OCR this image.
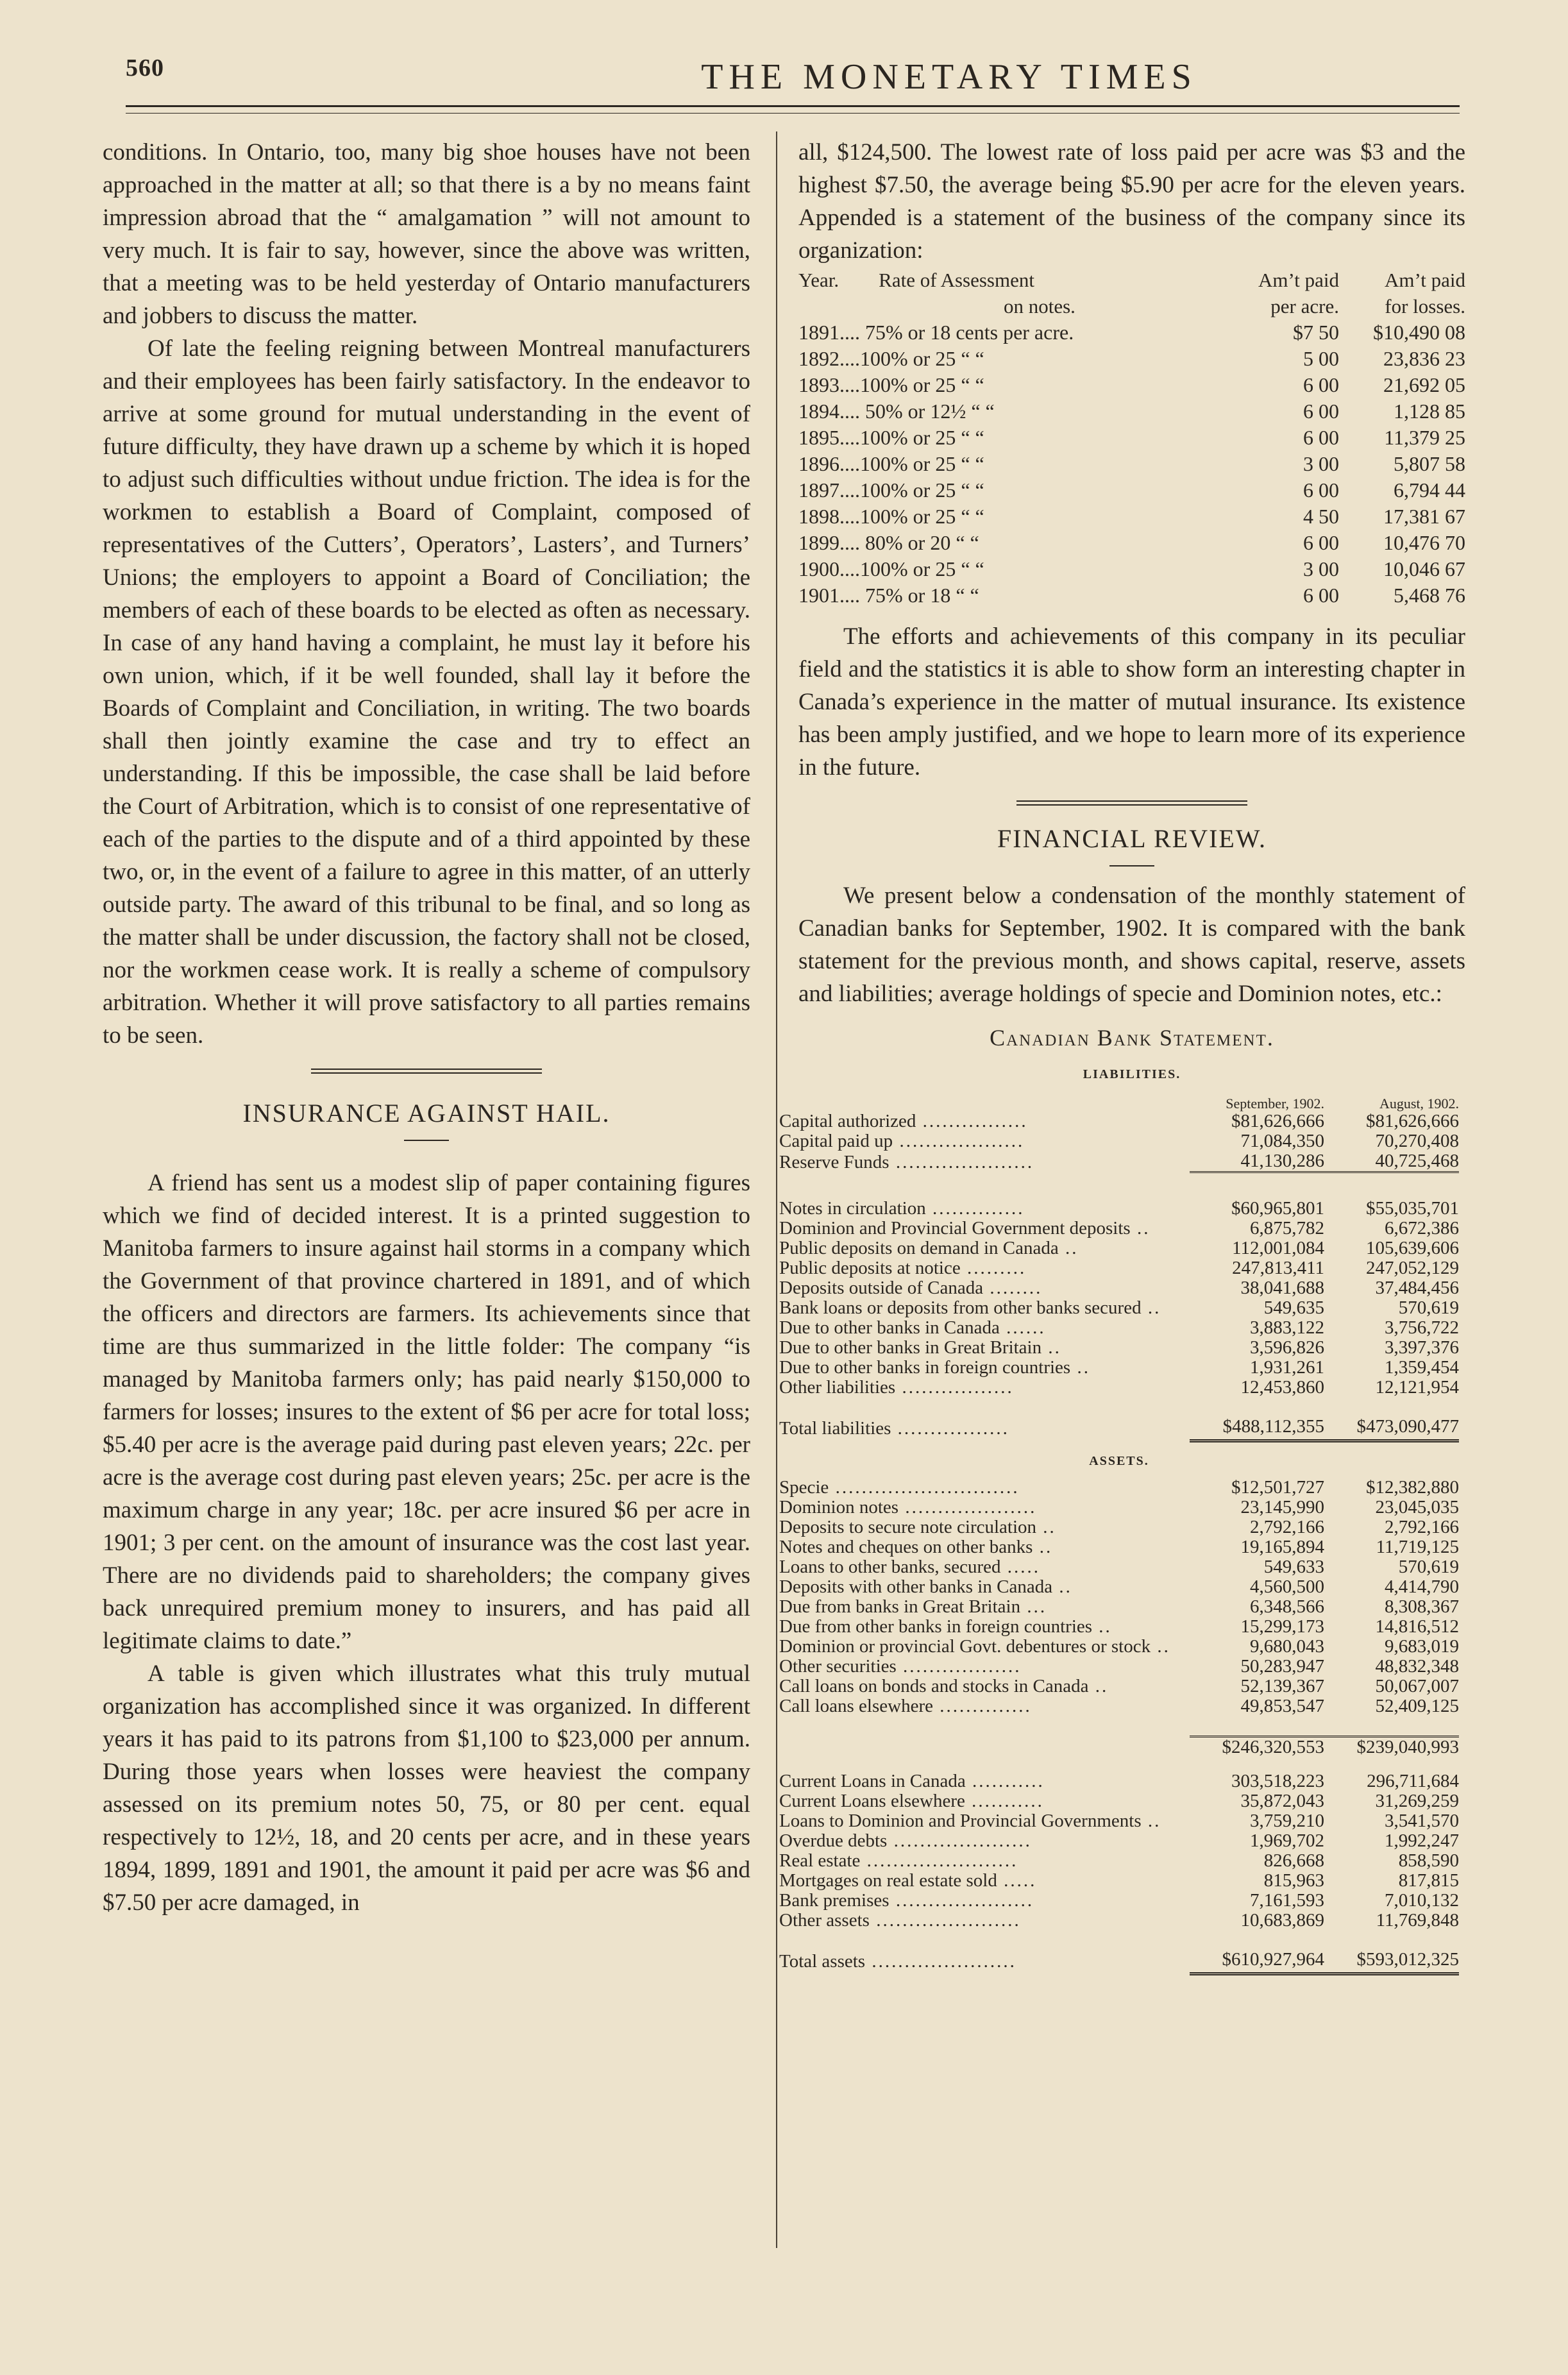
560	THE MONETARY TIMES

conditions. In Ontario, too, many big shoe houses have not been approached in the matter at all; so that there is a by no means faint impression abroad that the “ amalgamation ” will not amount to very much. It is fair to say, however, since the above was written, that a meeting was to be held yesterday of Ontario manufacturers and jobbers to discuss the matter.

Of late the feeling reigning between Montreal manufacturers and their employees has been fairly satisfactory. In the endeavor to arrive at some ground for mutual understanding in the event of future difficulty, they have drawn up a scheme by which it is hoped to adjust such difficulties without undue friction. The idea is for the workmen to establish a Board of Complaint, composed of representatives of the Cutters’, Operators’, Lasters’, and Turners’ Unions; the employers to appoint a Board of Conciliation; the members of each of these boards to be elected as often as necessary. In case of any hand having a complaint, he must lay it before his own union, which, if it be well founded, shall lay it before the Boards of Complaint and Conciliation, in writing. The two boards shall then jointly examine the case and try to effect an understanding. If this be impossible, the case shall be laid before the Court of Arbitration, which is to consist of one representative of each of the parties to the dispute and of a third appointed by these two, or, in the event of a failure to agree in this matter, of an utterly outside party. The award of this tribunal to be final, and so long as the matter shall be under discussion, the factory shall not be closed, nor the workmen cease work. It is really a scheme of compulsory arbitration. Whether it will prove satisfactory to all parties remains to be seen.

INSURANCE AGAINST HAIL.

A friend has sent us a modest slip of paper containing figures which we find of decided interest. It is a printed suggestion to Manitoba farmers to insure against hail storms in a company which the Government of that province chartered in 1891, and of which the officers and directors are farmers. Its achievements since that time are thus summarized in the little folder: The company “is managed by Manitoba farmers only; has paid nearly $150,000 to farmers for losses; insures to the extent of $6 per acre for total loss; $5.40 per acre is the average paid during past eleven years; 22c. per acre is the average cost during past eleven years; 25c. per acre is the maximum charge in any year; 18c. per acre insured $6 per acre in 1901; 3 per cent. on the amount of insurance was the cost last year. There are no dividends paid to shareholders; the company gives back unrequired premium money to insurers, and has paid all legitimate claims to date.”

A table is given which illustrates what this truly mutual organization has accomplished since it was organized. In different years it has paid to its patrons from $1,100 to $23,000 per annum. During those years when losses were heaviest the company assessed on its premium notes 50, 75, or 80 per cent. equal respectively to 12½, 18, and 20 cents per acre, and in these years 1894, 1899, 1891 and 1901, the amount it paid per acre was $6 and $7.50 per acre damaged, in

all, $124,500. The lowest rate of loss paid per acre was $3 and the highest $7.50, the average being $5.90 per acre for the eleven years. Appended is a statement of the business of the company since its organization:

Year. Rate of Assessment	Am’t paid	Am’t paid
on notes.	per acre.	for losses.
1891.... 75% or 18 cents per acre.	$7 50	$10,490 08
1892....100% or 25 “ “	5 00	23,836 23
1893....100% or 25 “ “	6 00	21,692 05
1894.... 50% or 12½ “ “	6 00	1,128 85
1895....100% or 25 “ “	6 00	11,379 25
1896....100% or 25 “ “	3 00	5,807 58
1897....100% or 25 “ “	6 00	6,794 44
1898....100% or 25 “ “	4 50	17,381 67
1899.... 80% or 20 “ “	6 00	10,476 70
1900....100% or 25 “ “	3 00	10,046 67
1901.... 75% or 18 “ “	6 00	5,468 76

The efforts and achievements of this company in its peculiar field and the statistics it is able to show form an interesting chapter in Canada’s experience in the matter of mutual insurance. Its existence has been amply justified, and we hope to learn more of its experience in the future.

FINANCIAL REVIEW.

We present below a condensation of the monthly statement of Canadian banks for September, 1902. It is compared with the bank statement for the previous month, and shows capital, reserve, assets and liabilities; average holdings of specie and Dominion notes, etc.:

Canadian Bank Statement.
LIABILITIES.
	September, 1902.	August, 1902.
Capital authorized ................	$81,626,666	$81,626,666
Capital paid up ...................	71,084,350	70,270,408
Reserve Funds .....................	41,130,286	40,725,468

Notes in circulation ..............	$60,965,801	$55,035,701
Dominion and Provincial Government deposits ..	6,875,782	6,672,386
Public deposits on demand in Canada ..	112,001,084	105,639,606
Public deposits at notice .........	247,813,411	247,052,129
Deposits outside of Canada ........	38,041,688	37,484,456
Bank loans or deposits from other banks secured ..	549,635	570,619
Due to other banks in Canada ......	3,883,122	3,756,722
Due to other banks in Great Britain ..	3,596,826	3,397,376
Due to other banks in foreign countries ..	1,931,261	1,359,454
Other liabilities .................	12,453,860	12,121,954
Total liabilities .................	$488,112,355	$473,090,477
ASSETS.		
Specie ............................	$12,501,727	$12,382,880
Dominion notes ....................	23,145,990	23,045,035
Deposits to secure note circulation ..	2,792,166	2,792,166
Notes and cheques on other banks ..	19,165,894	11,719,125
Loans to other banks, secured .....	549,633	570,619
Deposits with other banks in Canada ..	4,560,500	4,414,790
Due from banks in Great Britain ...	6,348,566	8,308,367
Due from other banks in foreign countries ..	15,299,173	14,816,512
Dominion or provincial Govt. debentures or stock ..	9,680,043	9,683,019
Other securities ..................	50,283,947	48,832,348
Call loans on bonds and stocks in Canada ..	52,139,367	50,067,007
Call loans elsewhere ..............	49,853,547	52,409,125

	$246,320,553	$239,040,993

Current Loans in Canada ...........	303,518,223	296,711,684
Current Loans elsewhere ...........	35,872,043	31,269,259
Loans to Dominion and Provincial Governments ..	3,759,210	3,541,570
Overdue debts .....................	1,969,702	1,992,247
Real estate .......................	826,668	858,590
Mortgages on real estate sold .....	815,963	817,815
Bank premises .....................	7,161,593	7,010,132
Other assets ......................	10,683,869	11,769,848
Total assets ......................	$610,927,964	$593,012,325
